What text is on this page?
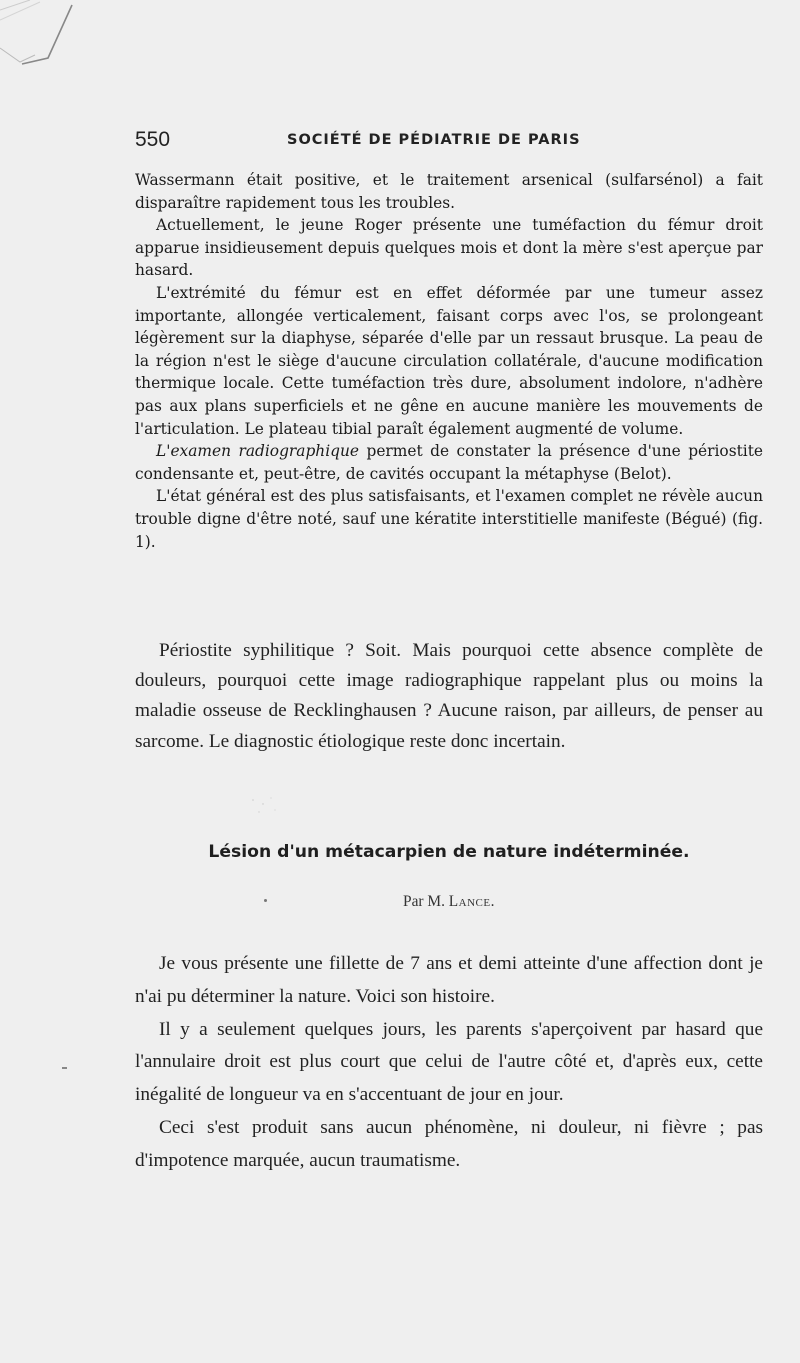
550	SOCIÉTÉ DE PÉDIATRIE DE PARIS

Wassermann était positive, et le traitement arsenical (sulfarsénol) a fait disparaître rapidement tous les troubles.

Actuellement, le jeune Roger présente une tuméfaction du fémur droit apparue insidieusement depuis quelques mois et dont la mère s'est aperçue par hasard.

L'extrémité du fémur est en effet déformée par une tumeur assez importante, allongée verticalement, faisant corps avec l'os, se prolongeant légèrement sur la diaphyse, séparée d'elle par un ressaut brusque. La peau de la région n'est le siège d'aucune circulation collatérale, d'aucune modification thermique locale. Cette tuméfaction très dure, absolument indolore, n'adhère pas aux plans superficiels et ne gêne en aucune manière les mouvements de l'articulation. Le plateau tibial paraît également augmenté de volume.

L'examen radiographique permet de constater la présence d'une périostite condensante et, peut-être, de cavités occupant la métaphyse (Belot).

L'état général est des plus satisfaisants, et l'examen complet ne révèle aucun trouble digne d'être noté, sauf une kératite interstitielle manifeste (Bégué) (fig. 1).

Périostite syphilitique ? Soit. Mais pourquoi cette absence complète de douleurs, pourquoi cette image radiographique rappelant plus ou moins la maladie osseuse de Recklinghausen ? Aucune raison, par ailleurs, de penser au sarcome. Le diagnostic étiologique reste donc incertain.

Lésion d'un métacarpien de nature indéterminée.
Par M. Lance.

Je vous présente une fillette de 7 ans et demi atteinte d'une affection dont je n'ai pu déterminer la nature. Voici son histoire.

Il y a seulement quelques jours, les parents s'aperçoivent par hasard que l'annulaire droit est plus court que celui de l'autre côté et, d'après eux, cette inégalité de longueur va en s'accentuant de jour en jour.

Ceci s'est produit sans aucun phénomène, ni douleur, ni fièvre ; pas d'impotence marquée, aucun traumatisme.
